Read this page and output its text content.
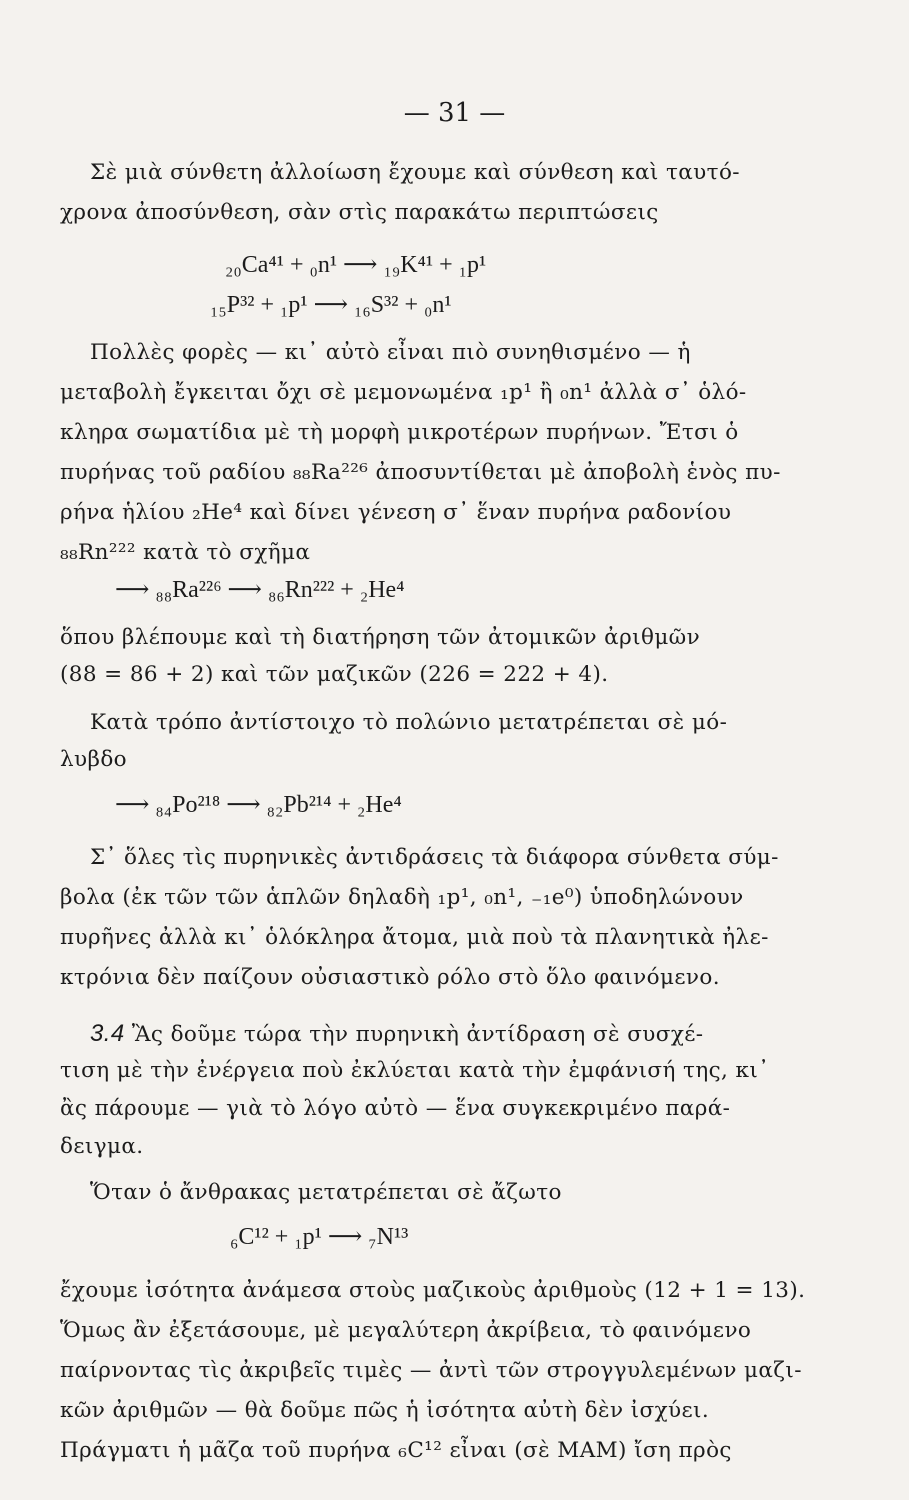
— 31 —
Σὲ μιὰ σύνθετη ἀλλοίωση ἔχουμε καὶ σύνθεση καὶ ταυτό-
χρονα ἀποσύνθεση, σὰν στὶς παρακάτω περιπτώσεις
₂₀Ca⁴¹ + ₀n¹ ⟶ ₁₉K⁴¹ + ₁p¹
₁₅P³² + ₁p¹ ⟶ ₁₆S³² + ₀n¹
Πολλὲς φορὲς — κι᾿ αὐτὸ εἶναι πιὸ συνηθισμένο — ἡ
μεταβολὴ ἔγκειται ὄχι σὲ μεμονωμένα ₁p¹ ἢ ₀n¹ ἀλλὰ σ᾿ ὁλό-
κληρα σωματίδια μὲ τὴ μορφὴ μικροτέρων πυρήνων. Ἔτσι ὁ
πυρήνας τοῦ ραδίου ₈₈Ra²²⁶ ἀποσυντίθεται μὲ ἀποβολὴ ἑνὸς πυ-
ρήνα ἡλίου ₂He⁴ καὶ δίνει γένεση σ᾿ ἕναν πυρήνα ραδονίου
₈₈Rn²²² κατὰ τὸ σχῆμα
⟶ ₈₈Ra²²⁶ ⟶ ₈₆Rn²²² + ₂He⁴
ὅπου βλέπουμε καὶ τὴ διατήρηση τῶν ἀτομικῶν ἀριθμῶν
(88 = 86 + 2) καὶ τῶν μαζικῶν (226 = 222 + 4).
Κατὰ τρόπο ἀντίστοιχο τὸ πολώνιο μετατρέπεται σὲ μό-
λυβδο
⟶ ₈₄Po²¹⁸ ⟶ ₈₂Pb²¹⁴ + ₂He⁴
Σ᾿ ὅλες τὶς πυρηνικὲς ἀντιδράσεις τὰ διάφορα σύνθετα σύμ-
βολα (ἐκ τῶν τῶν ἁπλῶν δηλαδὴ ₁p¹, ₀n¹, ₋₁e⁰) ὑποδηλώνουν
πυρῆνες ἀλλὰ κι᾿ ὁλόκληρα ἄτομα, μιὰ ποὺ τὰ πλανητικὰ ἠλε-
κτρόνια δὲν παίζουν οὐσιαστικὸ ρόλο στὸ ὅλο φαινόμενο.
3.4 Ἂς δοῦμε τώρα τὴν πυρηνικὴ ἀντίδραση σὲ συσχέ-
τιση μὲ τὴν ἐνέργεια ποὺ ἐκλύεται κατὰ τὴν ἐμφάνισή της, κι᾿
ἂς πάρουμε — γιὰ τὸ λόγο αὐτὸ — ἕνα συγκεκριμένο παρά-
δειγμα.
Ὅταν ὁ ἄνθρακας μετατρέπεται σὲ ἄζωτο
₆C¹² + ₁p¹ ⟶ ₇N¹³
ἔχουμε ἰσότητα ἀνάμεσα στοὺς μαζικοὺς ἀριθμοὺς (12 + 1 = 13).
Ὅμως ἂν ἐξετάσουμε, μὲ μεγαλύτερη ἀκρίβεια, τὸ φαινόμενο
παίρνοντας τὶς ἀκριβεῖς τιμὲς — ἀντὶ τῶν στρογγυλεμένων μαζι-
κῶν ἀριθμῶν — θὰ δοῦμε πῶς ἡ ἰσότητα αὐτὴ δὲν ἰσχύει.
Πράγματι ἡ μᾶζα τοῦ πυρήνα ₆C¹² εἶναι (σὲ ΜΑΜ) ἴση πρὸς
